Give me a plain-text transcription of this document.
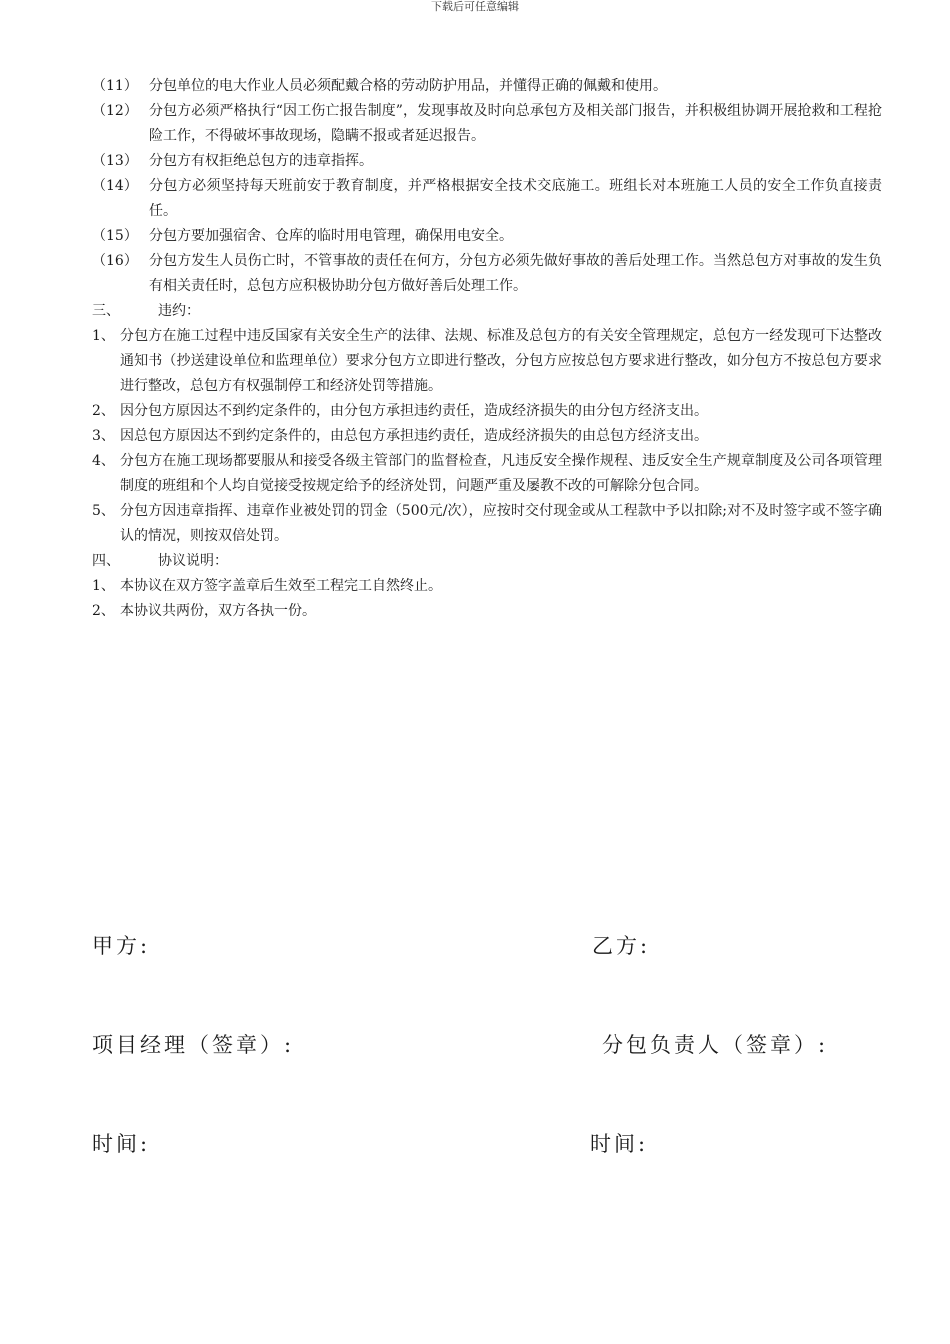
下载后可任意编辑
（11） 分包单位的电大作业人员必须配戴合格的劳动防护用品，并懂得正确的佩戴和使用。
（12） 分包方必须严格执行“因工伤亡报告制度”，发现事故及时向总承包方及相关部门报告，并积极组协调开展抢救和工程抢险工作，不得破坏事故现场，隐瞒不报或者延迟报告。
（13） 分包方有权拒绝总包方的违章指挥。
（14） 分包方必须坚持每天班前安于教育制度，并严格根据安全技术交底施工。班组长对本班施工人员的安全工作负直接责任。
（15） 分包方要加强宿舍、仓库的临时用电管理，确保用电安全。
（16） 分包方发生人员伤亡时，不管事故的责任在何方，分包方必须先做好事故的善后处理工作。当然总包方对事故的发生负有相关责任时，总包方应积极协助分包方做好善后处理工作。
三、	违约：
1、 分包方在施工过程中违反国家有关安全生产的法律、法规、标准及总包方的有关安全管理规定，总包方一经发现可下达整改通知书（抄送建设单位和监理单位）要求分包方立即进行整改，分包方应按总包方要求进行整改，如分包方不按总包方要求进行整改，总包方有权强制停工和经济处罚等措施。
2、 因分包方原因达不到约定条件的，由分包方承担违约责任，造成经济损失的由分包方经济支出。
3、 因总包方原因达不到约定条件的，由总包方承担违约责任，造成经济损失的由总包方经济支出。
4、 分包方在施工现场都要服从和接受各级主管部门的监督检查，凡违反安全操作规程、违反安全生产规章制度及公司各项管理制度的班组和个人均自觉接受按规定给予的经济处罚，问题严重及屡教不改的可解除分包合同。
5、 分包方因违章指挥、违章作业被处罚的罚金（500元/次），应按时交付现金或从工程款中予以扣除;对不及时签字或不签字确认的情况，则按双倍处罚。
四、	协议说明：
1、 本协议在双方签字盖章后生效至工程完工自然终止。
2、 本协议共两份，双方各执一份。
甲方:	乙方:
项目经理（签章）:	分包负责人（签章）:
时间:	时间:
